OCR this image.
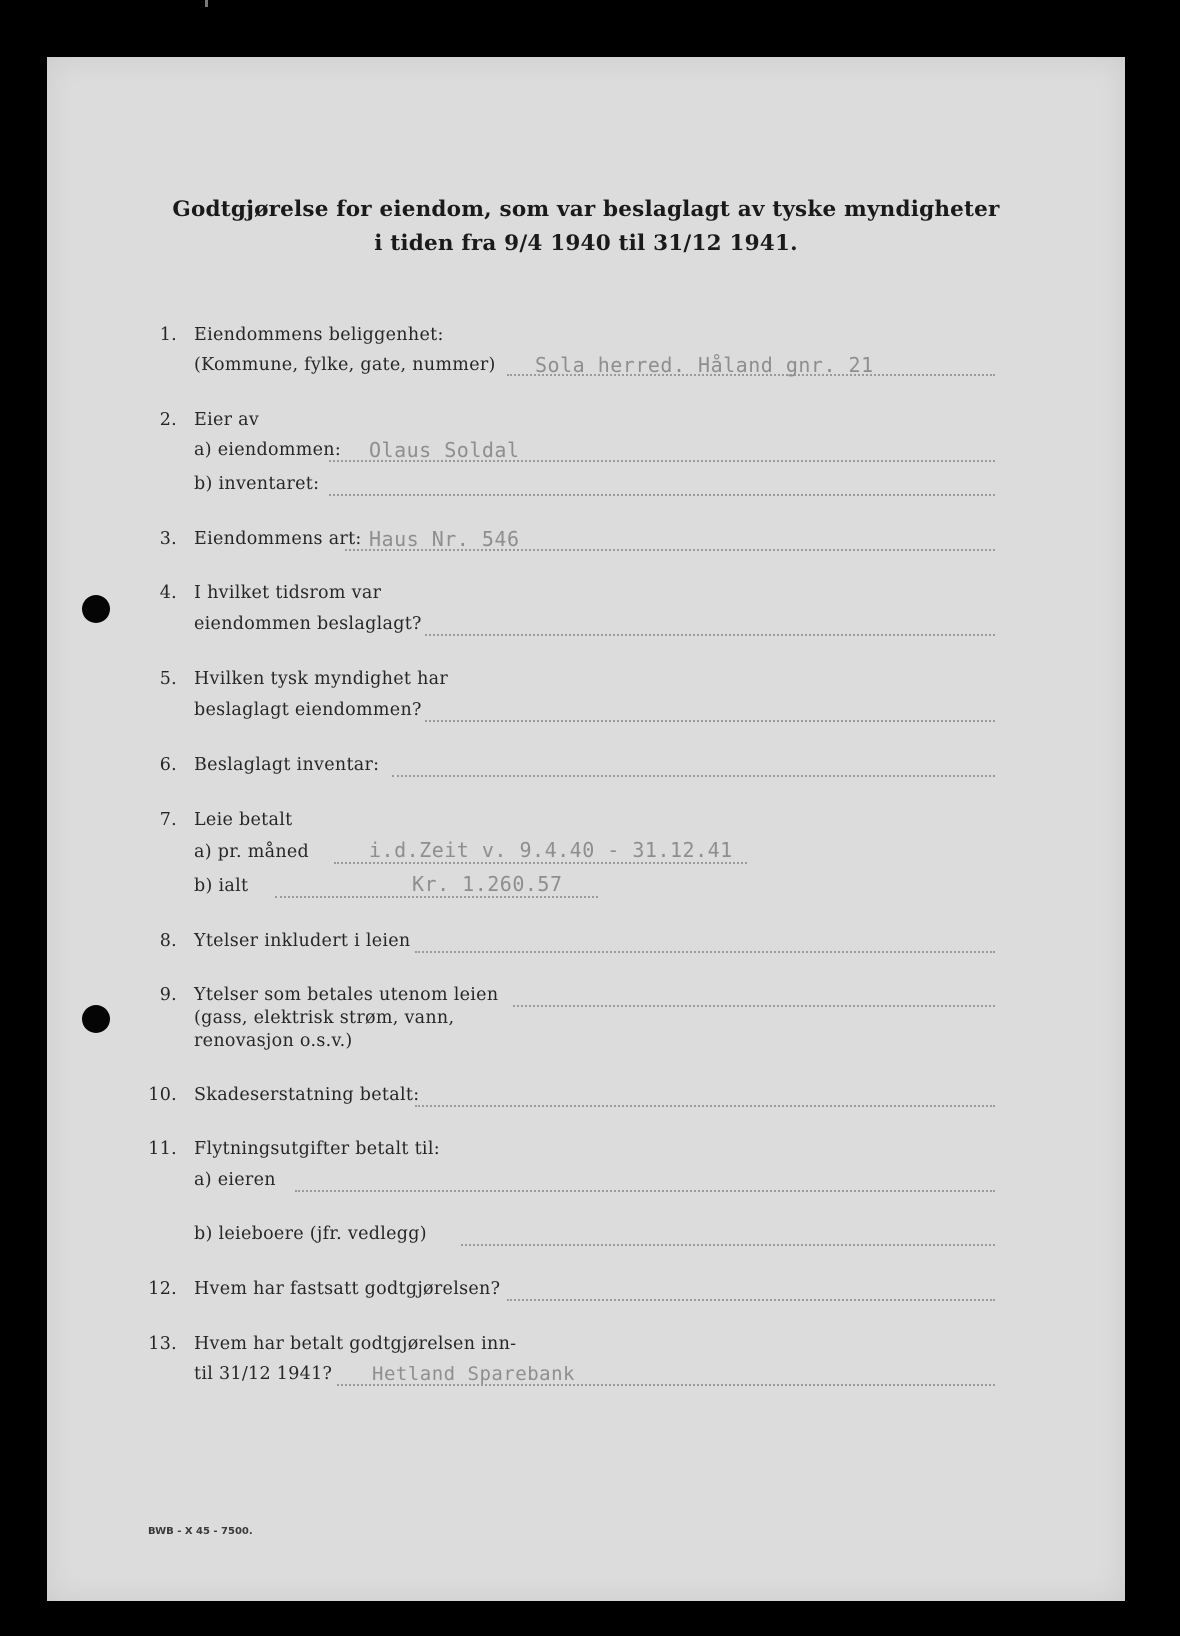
Godtgjørelse for eiendom, som var beslaglagt av tyske myndigheter
i tiden fra 9/4 1940 til 31/12 1941.
1. Eiendommens beliggenhet:
(Kommune, fylke, gate, nummer) Sola herred. Håland gnr. 21
2. Eier av
a) eiendommen: Olaus Soldal
b) inventaret:
3. Eiendommens art: Haus Nr. 546
4. I hvilket tidsrom var
eiendommen beslaglagt?
5. Hvilken tysk myndighet har
beslaglagt eiendommen?
6. Beslaglagt inventar:
7. Leie betalt
a) pr. måned	i.d.Zeit v. 9.4.40 - 31.12.41
b) ialt	Kr. 1.260.57
8. Ytelser inkludert i leien
9. Ytelser som betales utenom leien
(gass, elektrisk strøm, vann,
renovasjon o.s.v.)
10. Skadeserstatning betalt:
11. Flytningsutgifter betalt til:
a) eieren
b) leieboere (jfr. vedlegg)
12. Hvem har fastsatt godtgjørelsen?
13. Hvem har betalt godtgjørelsen inn-
til 31/12 1941? Hetland Sparebank
BWB - X 45 - 7500.
